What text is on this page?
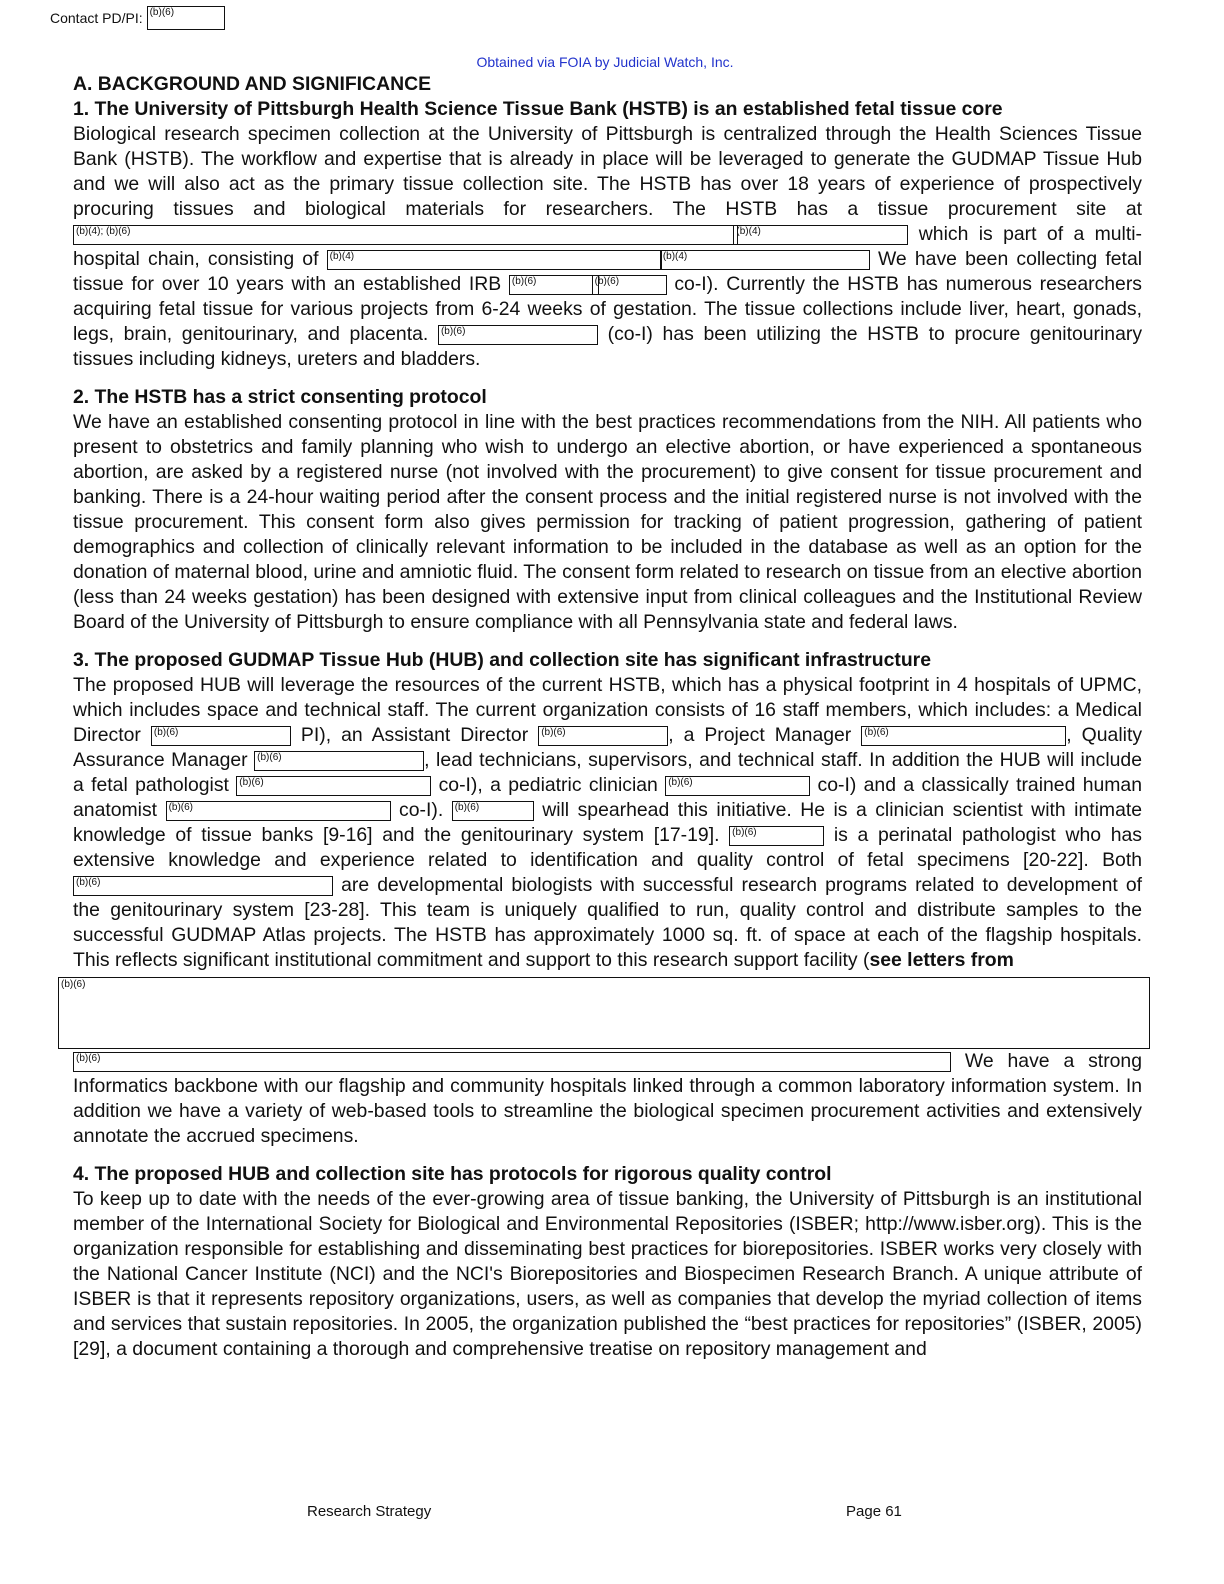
Contact PD/PI: (b)(6)
Obtained via FOIA by Judicial Watch, Inc.

A. BACKGROUND AND SIGNIFICANCE

1. The University of Pittsburgh Health Science Tissue Bank (HSTB) is an established fetal tissue core

Biological research specimen collection at the University of Pittsburgh is centralized through the Health Sciences Tissue Bank (HSTB). The workflow and expertise that is already in place will be leveraged to generate the GUDMAP Tissue Hub and we will also act as the primary tissue collection site. The HSTB has over 18 years of experience of prospectively procuring tissues and biological materials for researchers. The HSTB has a tissue procurement site at (b)(4); (b)(6)	(b)(4)	which is part of a multi-hospital chain, consisting of (b)(4)	(b)(4)	We have been collecting fetal tissue for over 10 years with an established IRB (b)(6)	(b)(6)	co-I). Currently the HSTB has numerous researchers acquiring fetal tissue for various projects from 6-24 weeks of gestation. The tissue collections include liver, heart, gonads, legs, brain, genitourinary, and placenta. (b)(6)	(co-I) has been utilizing the HSTB to procure genitourinary tissues including kidneys, ureters and bladders.

2. The HSTB has a strict consenting protocol

We have an established consenting protocol in line with the best practices recommendations from the NIH. All patients who present to obstetrics and family planning who wish to undergo an elective abortion, or have experienced a spontaneous abortion, are asked by a registered nurse (not involved with the procurement) to give consent for tissue procurement and banking. There is a 24-hour waiting period after the consent process and the initial registered nurse is not involved with the tissue procurement. This consent form also gives permission for tracking of patient progression, gathering of patient demographics and collection of clinically relevant information to be included in the database as well as an option for the donation of maternal blood, urine and amniotic fluid. The consent form related to research on tissue from an elective abortion (less than 24 weeks gestation) has been designed with extensive input from clinical colleagues and the Institutional Review Board of the University of Pittsburgh to ensure compliance with all Pennsylvania state and federal laws.

3. The proposed GUDMAP Tissue Hub (HUB) and collection site has significant infrastructure

The proposed HUB will leverage the resources of the current HSTB, which has a physical footprint in 4 hospitals of UPMC, which includes space and technical staff. The current organization consists of 16 staff members, which includes: a Medical Director (b)(6)	PI), an Assistant Director (b)(6)	, a Project Manager (b)(6)	, Quality Assurance Manager (b)(6)	, lead technicians, supervisors, and technical staff. In addition the HUB will include a fetal pathologist (b)(6)	co-I), a pediatric clinician (b)(6)	co-I) and a classically trained human anatomist (b)(6)	co-I). (b)(6)	will spearhead this initiative. He is a clinician scientist with intimate knowledge of tissue banks [9-16] and the genitourinary system [17-19]. (b)(6)	is a perinatal pathologist who has extensive knowledge and experience related to identification and quality control of fetal specimens [20-22]. Both (b)(6)	are developmental biologists with successful research programs related to development of the genitourinary system [23-28]. This team is uniquely qualified to run, quality control and distribute samples to the successful GUDMAP Atlas projects. The HSTB has approximately 1000 sq. ft. of space at each of the flagship hospitals. This reflects significant institutional commitment and support to this research support facility (see letters from

(b)(6)

(b)(6)	We have a strong Informatics backbone with our flagship and community hospitals linked through a common laboratory information system. In addition we have a variety of web-based tools to streamline the biological specimen procurement activities and extensively annotate the accrued specimens.

4. The proposed HUB and collection site has protocols for rigorous quality control

To keep up to date with the needs of the ever-growing area of tissue banking, the University of Pittsburgh is an institutional member of the International Society for Biological and Environmental Repositories (ISBER; http://www.isber.org). This is the organization responsible for establishing and disseminating best practices for biorepositories. ISBER works very closely with the National Cancer Institute (NCI) and the NCI's Biorepositories and Biospecimen Research Branch. A unique attribute of ISBER is that it represents repository organizations, users, as well as companies that develop the myriad collection of items and services that sustain repositories. In 2005, the organization published the “best practices for repositories” (ISBER, 2005) [29], a document containing a thorough and comprehensive treatise on repository management and

Research Strategy	Page 61
